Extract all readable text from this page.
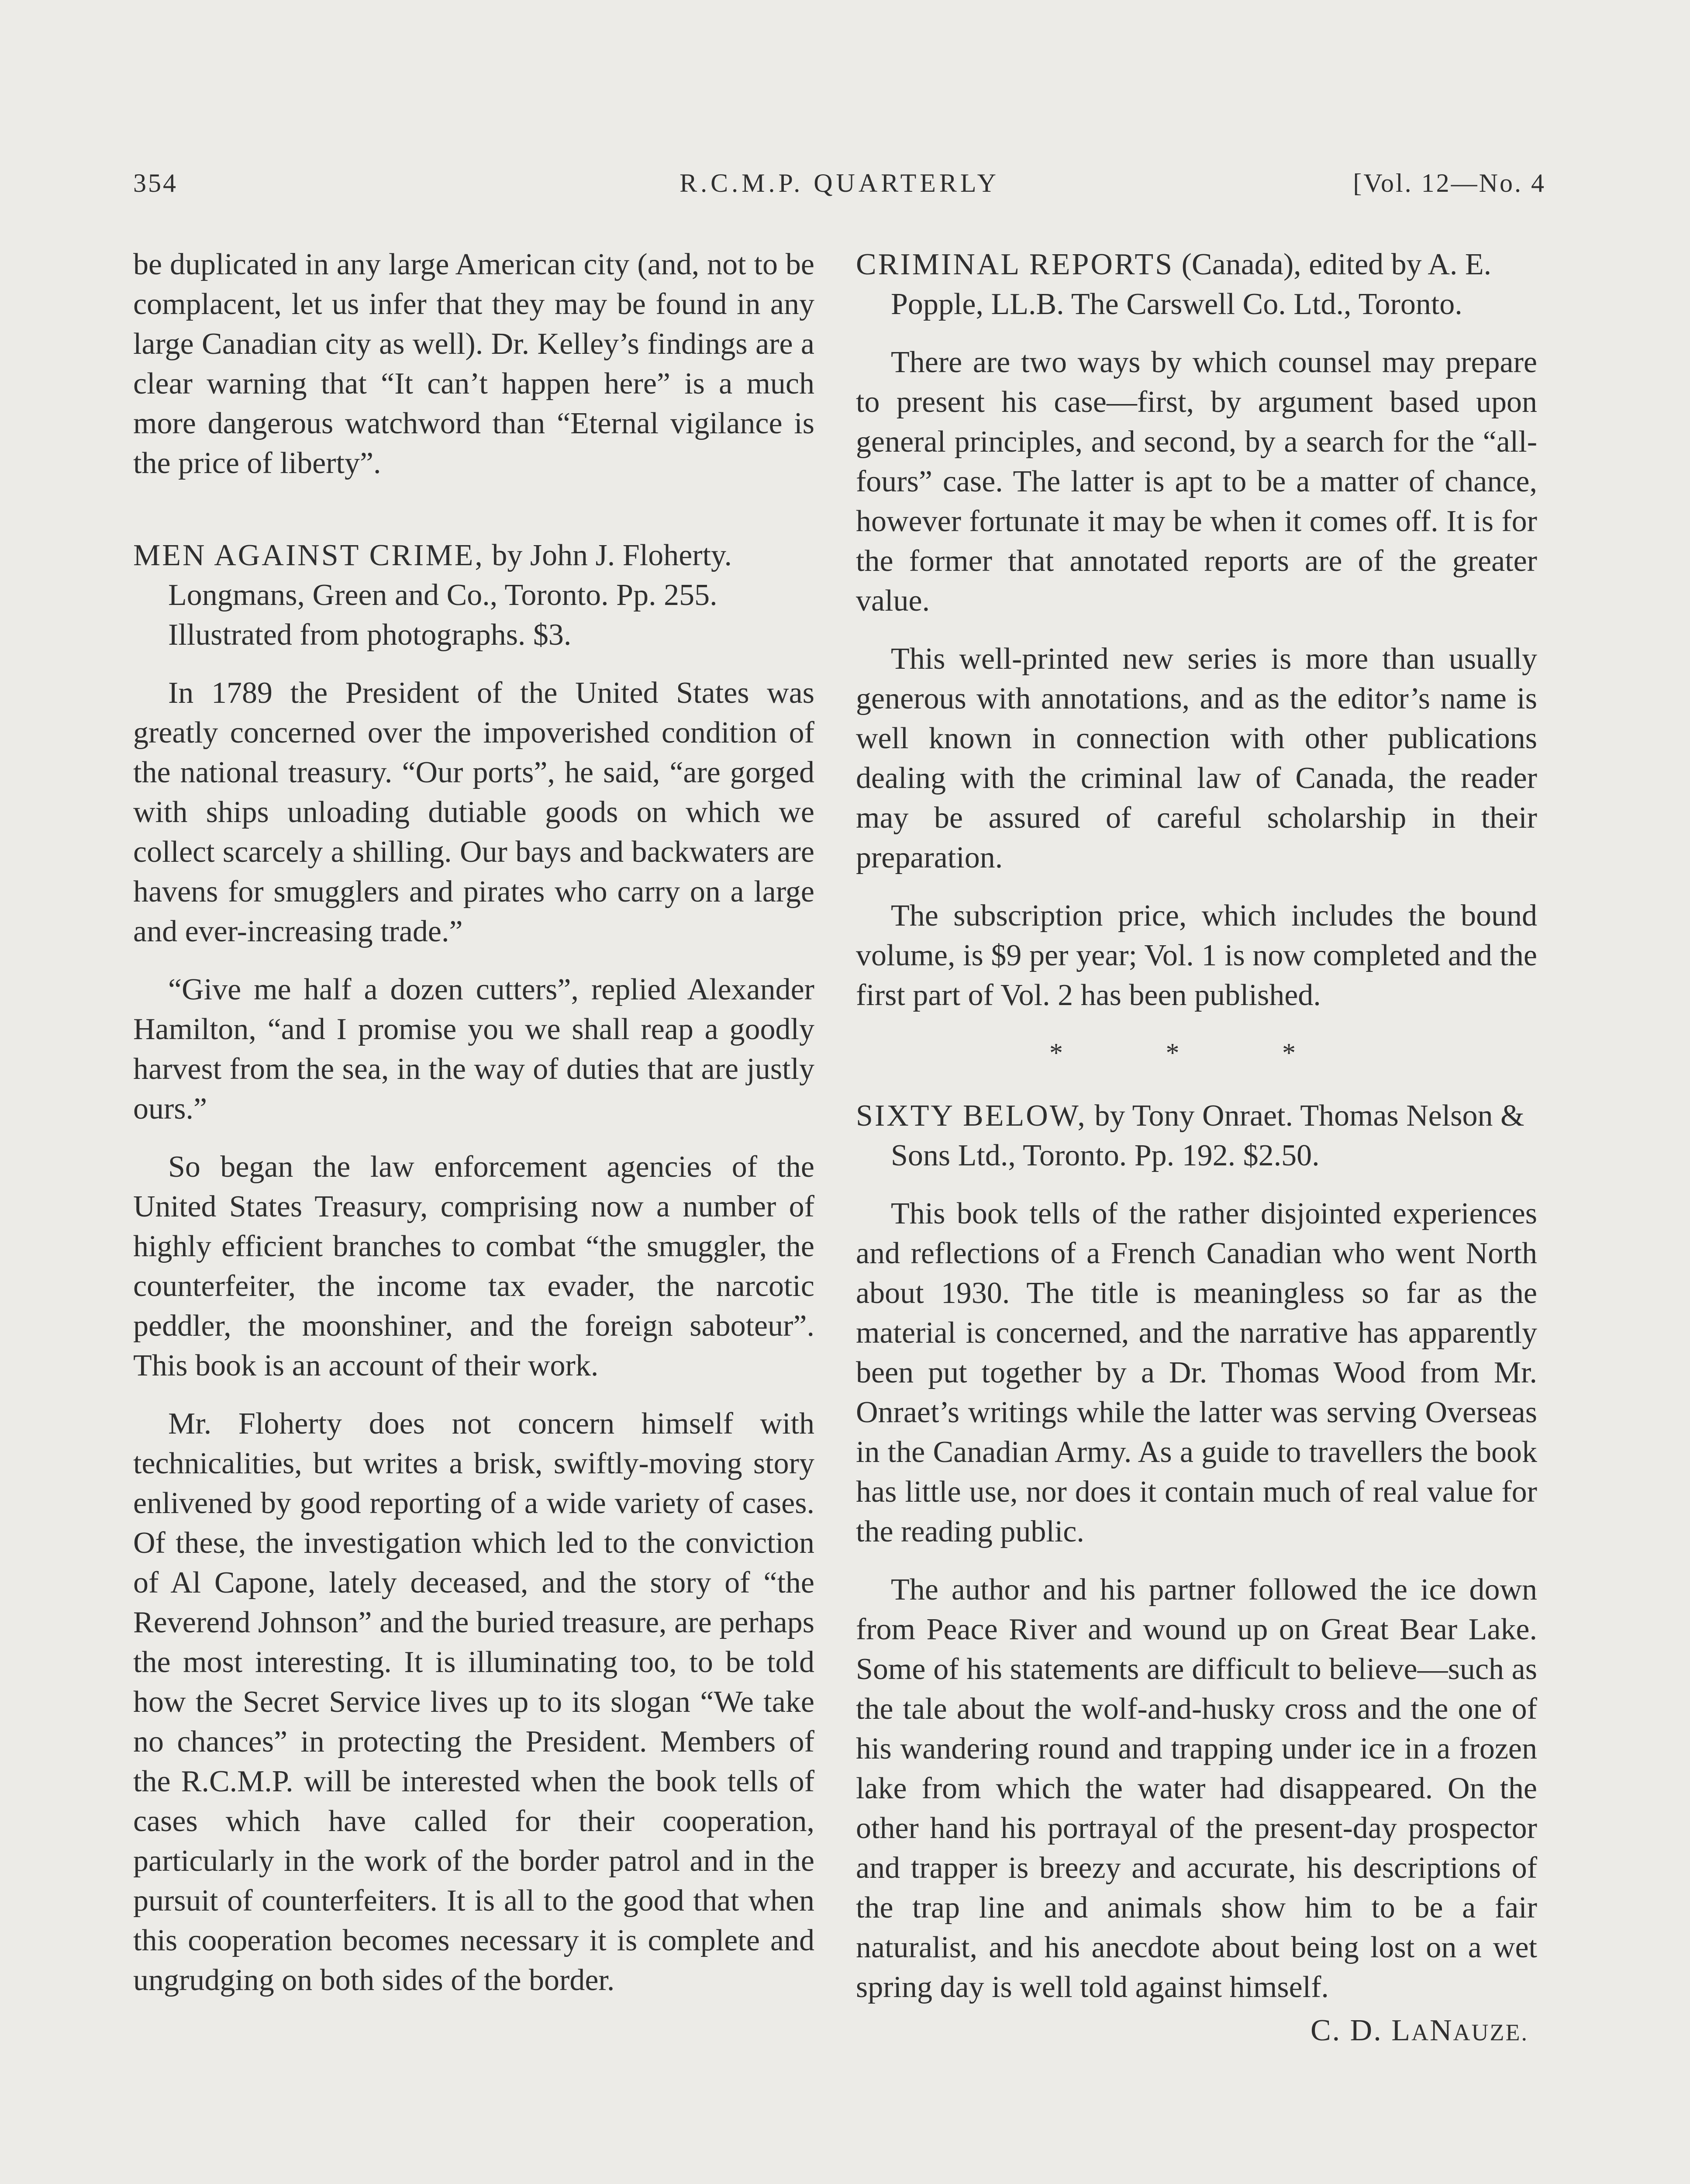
354	R.C.M.P. QUARTERLY	[Vol. 12—No. 4

be duplicated in any large American city (and, not to be complacent, let us infer that they may be found in any large Canadian city as well). Dr. Kelley’s findings are a clear warning that “It can’t happen here” is a much more dangerous watchword than “Eternal vigilance is the price of liberty”.

MEN AGAINST CRIME, by John J. Floherty. Longmans, Green and Co., Toronto. Pp. 255. Illustrated from photographs. $3.

In 1789 the President of the United States was greatly concerned over the impoverished condition of the national treasury. “Our ports”, he said, “are gorged with ships unloading dutiable goods on which we collect scarcely a shilling. Our bays and backwaters are havens for smugglers and pirates who carry on a large and ever-increasing trade.”

“Give me half a dozen cutters”, replied Alexander Hamilton, “and I promise you we shall reap a goodly harvest from the sea, in the way of duties that are justly ours.”

So began the law enforcement agencies of the United States Treasury, comprising now a number of highly efficient branches to combat “the smuggler, the counterfeiter, the income tax evader, the narcotic peddler, the moonshiner, and the foreign saboteur”. This book is an account of their work.

Mr. Floherty does not concern himself with technicalities, but writes a brisk, swiftly-moving story enlivened by good reporting of a wide variety of cases. Of these, the investigation which led to the conviction of Al Capone, lately deceased, and the story of “the Reverend Johnson” and the buried treasure, are perhaps the most interesting. It is illuminating too, to be told how the Secret Service lives up to its slogan “We take no chances” in protecting the President. Members of the R.C.M.P. will be interested when the book tells of cases which have called for their cooperation, particularly in the work of the border patrol and in the pursuit of counterfeiters. It is all to the good that when this cooperation becomes necessary it is complete and ungrudging on both sides of the border.

CRIMINAL REPORTS (Canada), edited by A. E. Popple, LL.B. The Carswell Co. Ltd., Toronto.

There are two ways by which counsel may prepare to present his case—first, by argument based upon general principles, and second, by a search for the “all-fours” case. The latter is apt to be a matter of chance, however fortunate it may be when it comes off. It is for the former that annotated reports are of the greater value.

This well-printed new series is more than usually generous with annotations, and as the editor’s name is well known in connection with other publications dealing with the criminal law of Canada, the reader may be assured of careful scholarship in their preparation.

The subscription price, which includes the bound volume, is $9 per year; Vol. 1 is now completed and the first part of Vol. 2 has been published.

* * *

SIXTY BELOW, by Tony Onraet. Thomas Nelson & Sons Ltd., Toronto. Pp. 192. $2.50.

This book tells of the rather disjointed experiences and reflections of a French Canadian who went North about 1930. The title is meaningless so far as the material is concerned, and the narrative has apparently been put together by a Dr. Thomas Wood from Mr. Onraet’s writings while the latter was serving Overseas in the Canadian Army. As a guide to travellers the book has little use, nor does it contain much of real value for the reading public.

The author and his partner followed the ice down from Peace River and wound up on Great Bear Lake. Some of his statements are difficult to believe—such as the tale about the wolf-and-husky cross and the one of his wandering round and trapping under ice in a frozen lake from which the water had disappeared. On the other hand his portrayal of the present-day prospector and trapper is breezy and accurate, his descriptions of the trap line and animals show him to be a fair naturalist, and his anecdote about being lost on a wet spring day is well told against himself.

C. D. LANAUZE.
